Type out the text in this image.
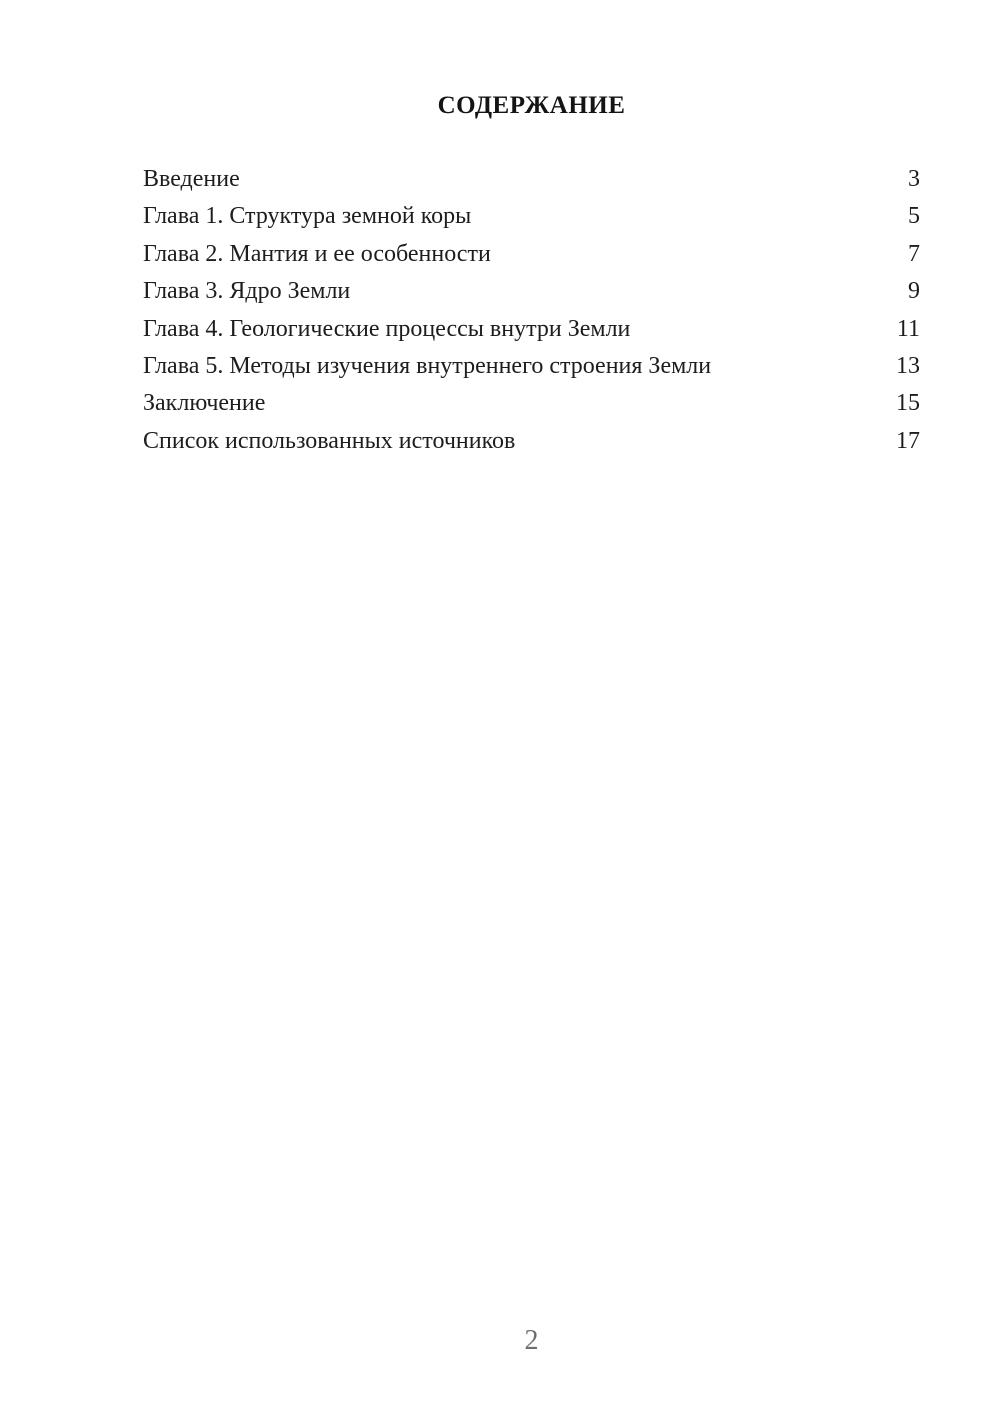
СОДЕРЖАНИЕ
Введение	3
Глава 1. Структура земной коры	5
Глава 2. Мантия и ее особенности	7
Глава 3. Ядро Земли	9
Глава 4. Геологические процессы внутри Земли	11
Глава 5. Методы изучения внутреннего строения Земли	13
Заключение	15
Список использованных источников	17
2
